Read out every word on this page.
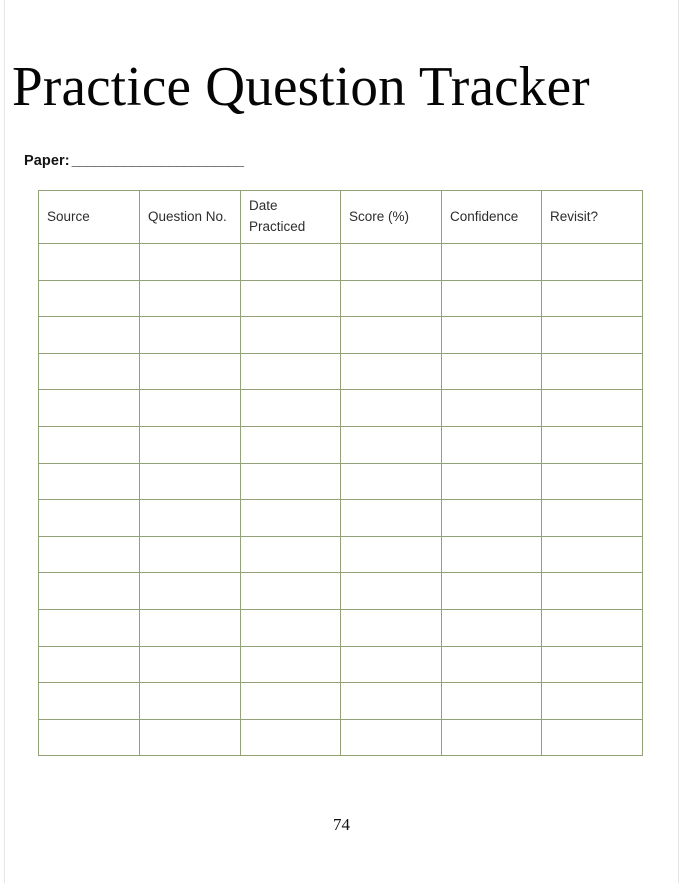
Practice Question Tracker
Paper: _______________________
Source	Question No.	Date Practiced	Score (%)	Confidence	Revisit?

74
